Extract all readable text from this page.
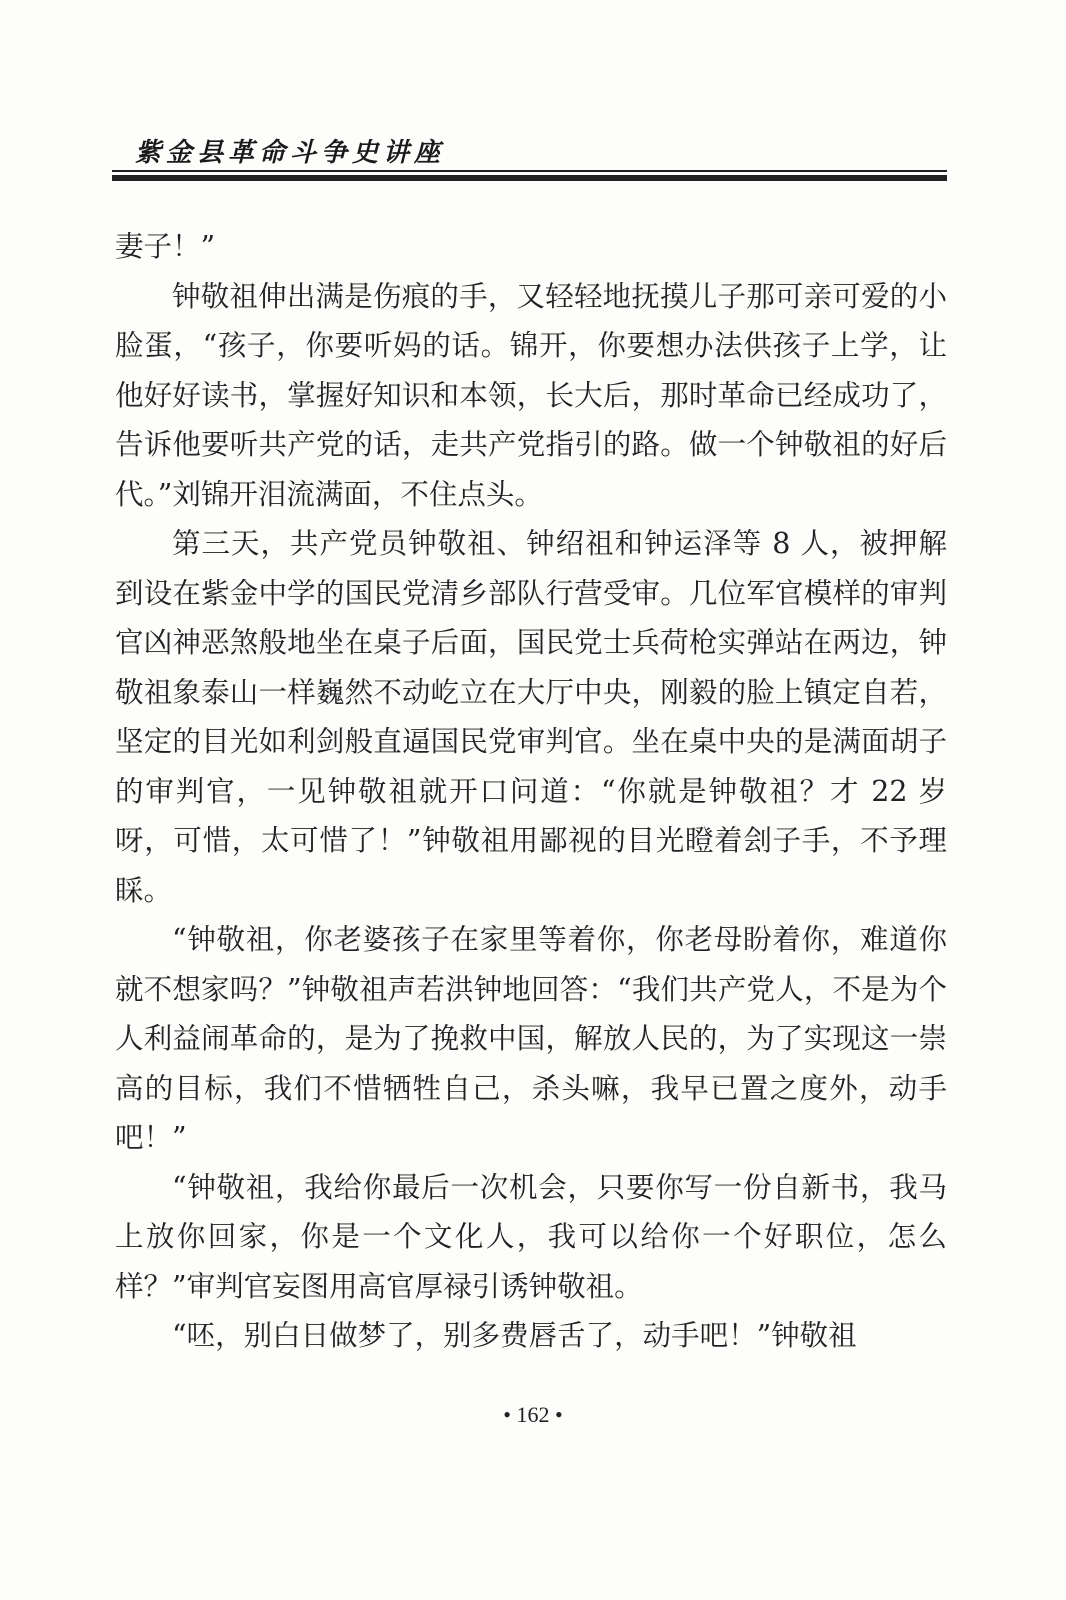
紫金县革命斗争史讲座

妻子！”

钟敬祖伸出满是伤痕的手，又轻轻地抚摸儿子那可亲可爱的小脸蛋，“孩子，你要听妈的话。锦开，你要想办法供孩子上学，让他好好读书，掌握好知识和本领，长大后，那时革命已经成功了，告诉他要听共产党的话，走共产党指引的路。做一个钟敬祖的好后代。”刘锦开泪流满面，不住点头。

第三天，共产党员钟敬祖、钟绍祖和钟运泽等 8 人，被押解到设在紫金中学的国民党清乡部队行营受审。几位军官模样的审判官凶神恶煞般地坐在桌子后面，国民党士兵荷枪实弹站在两边，钟敬祖象泰山一样巍然不动屹立在大厅中央，刚毅的脸上镇定自若，坚定的目光如利剑般直逼国民党审判官。坐在桌中央的是满面胡子的审判官，一见钟敬祖就开口问道：“你就是钟敬祖？才 22 岁呀，可惜，太可惜了！”钟敬祖用鄙视的目光瞪着刽子手，不予理睬。

“钟敬祖，你老婆孩子在家里等着你，你老母盼着你，难道你就不想家吗？”钟敬祖声若洪钟地回答：“我们共产党人，不是为个人利益闹革命的，是为了挽救中国，解放人民的，为了实现这一崇高的目标，我们不惜牺牲自己，杀头嘛，我早已置之度外，动手吧！”

“钟敬祖，我给你最后一次机会，只要你写一份自新书，我马上放你回家，你是一个文化人，我可以给你一个好职位，怎么样？”审判官妄图用高官厚禄引诱钟敬祖。

“呸，别白日做梦了，别多费唇舌了，动手吧！”钟敬祖

• 162 •
